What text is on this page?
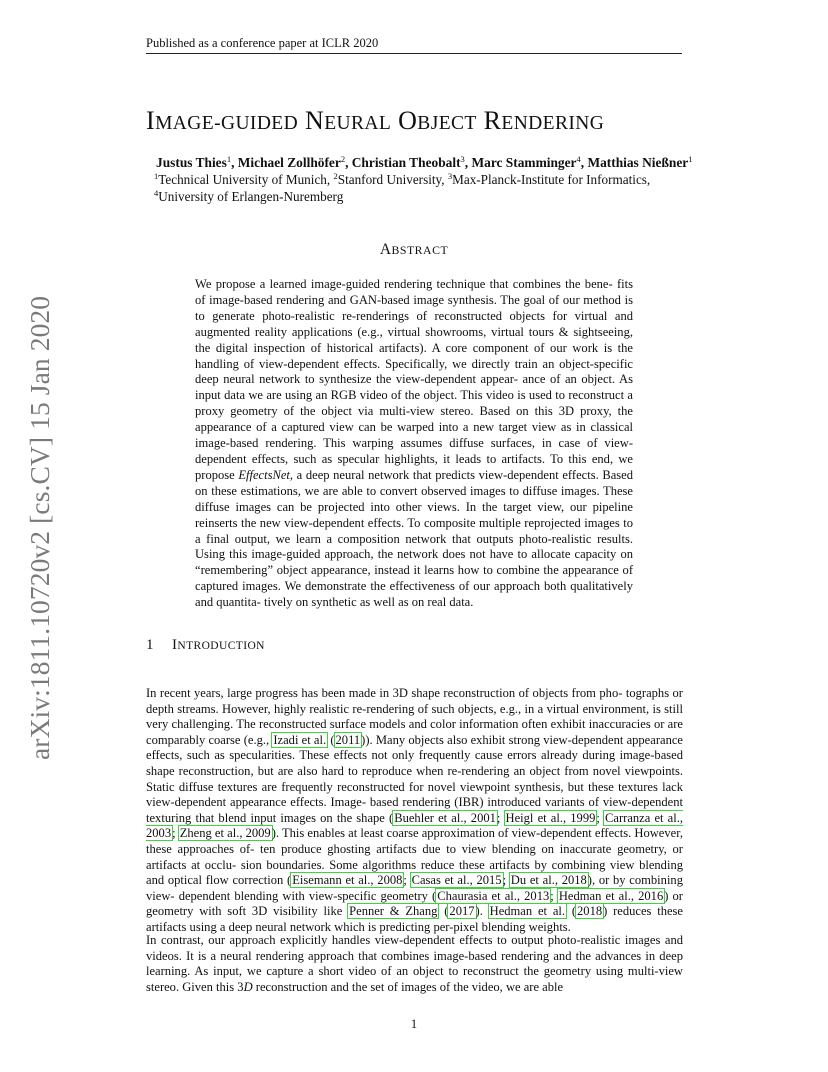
Published as a conference paper at ICLR 2020
arXiv:1811.10720v2 [cs.CV] 15 Jan 2020
IMAGE-GUIDED NEURAL OBJECT RENDERING
Justus Thies$^1$, Michael Zollhöfer$^2$, Christian Theobalt$^3$, Marc Stamminger$^4$, Matthias Nießner$^1$
$^1$Technical University of Munich, $^2$Stanford University, $^3$Max-Planck-Institute for Informatics,
$^4$University of Erlangen-Nuremberg
ABSTRACT

We propose a learned image-guided rendering technique that combines the bene- fits of image-based rendering and GAN-based image synthesis. The goal of our method is to generate photo-realistic re-renderings of reconstructed objects for virtual and augmented reality applications (e.g., virtual showrooms, virtual tours & sightseeing, the digital inspection of historical artifacts). A core component of our work is the handling of view-dependent effects. Specifically, we directly train an object-specific deep neural network to synthesize the view-dependent appear- ance of an object. As input data we are using an RGB video of the object. This video is used to reconstruct a proxy geometry of the object via multi-view stereo. Based on this 3D proxy, the appearance of a captured view can be warped into a new target view as in classical image-based rendering. This warping assumes diffuse surfaces, in case of view-dependent effects, such as specular highlights, it leads to artifacts. To this end, we propose EffectsNet, a deep neural network that predicts view-dependent effects. Based on these estimations, we are able to convert observed images to diffuse images. These diffuse images can be projected into other views. In the target view, our pipeline reinserts the new view-dependent effects. To composite multiple reprojected images to a final output, we learn a composition network that outputs photo-realistic results. Using this image-guided approach, the network does not have to allocate capacity on “remembering” object appearance, instead it learns how to combine the appearance of captured images. We demonstrate the effectiveness of our approach both qualitatively and quantita- tively on synthetic as well as on real data.

1 INTRODUCTION

In recent years, large progress has been made in 3D shape reconstruction of objects from pho- tographs or depth streams. However, highly realistic re-rendering of such objects, e.g., in a virtual environment, is still very challenging. The reconstructed surface models and color information often exhibit inaccuracies or are comparably coarse (e.g., Izadi et al. (2011)). Many objects also exhibit strong view-dependent appearance effects, such as specularities. These effects not only frequently cause errors already during image-based shape reconstruction, but are also hard to reproduce when re-rendering an object from novel viewpoints. Static diffuse textures are frequently reconstructed for novel viewpoint synthesis, but these textures lack view-dependent appearance effects. Image- based rendering (IBR) introduced variants of view-dependent texturing that blend input images on the shape (Buehler et al., 2001; Heigl et al., 1999; Carranza et al., 2003; Zheng et al., 2009). This enables at least coarse approximation of view-dependent effects. However, these approaches of- ten produce ghosting artifacts due to view blending on inaccurate geometry, or artifacts at occlu- sion boundaries. Some algorithms reduce these artifacts by combining view blending and optical flow correction (Eisemann et al., 2008; Casas et al., 2015; Du et al., 2018), or by combining view- dependent blending with view-specific geometry (Chaurasia et al., 2013; Hedman et al., 2016) or geometry with soft 3D visibility like Penner & Zhang (2017). Hedman et al. (2018) reduces these artifacts using a deep neural network which is predicting per-pixel blending weights.

In contrast, our approach explicitly handles view-dependent effects to output photo-realistic images and videos. It is a neural rendering approach that combines image-based rendering and the advances in deep learning. As input, we capture a short video of an object to reconstruct the geometry using multi-view stereo. Given this 3D reconstruction and the set of images of the video, we are able

1
